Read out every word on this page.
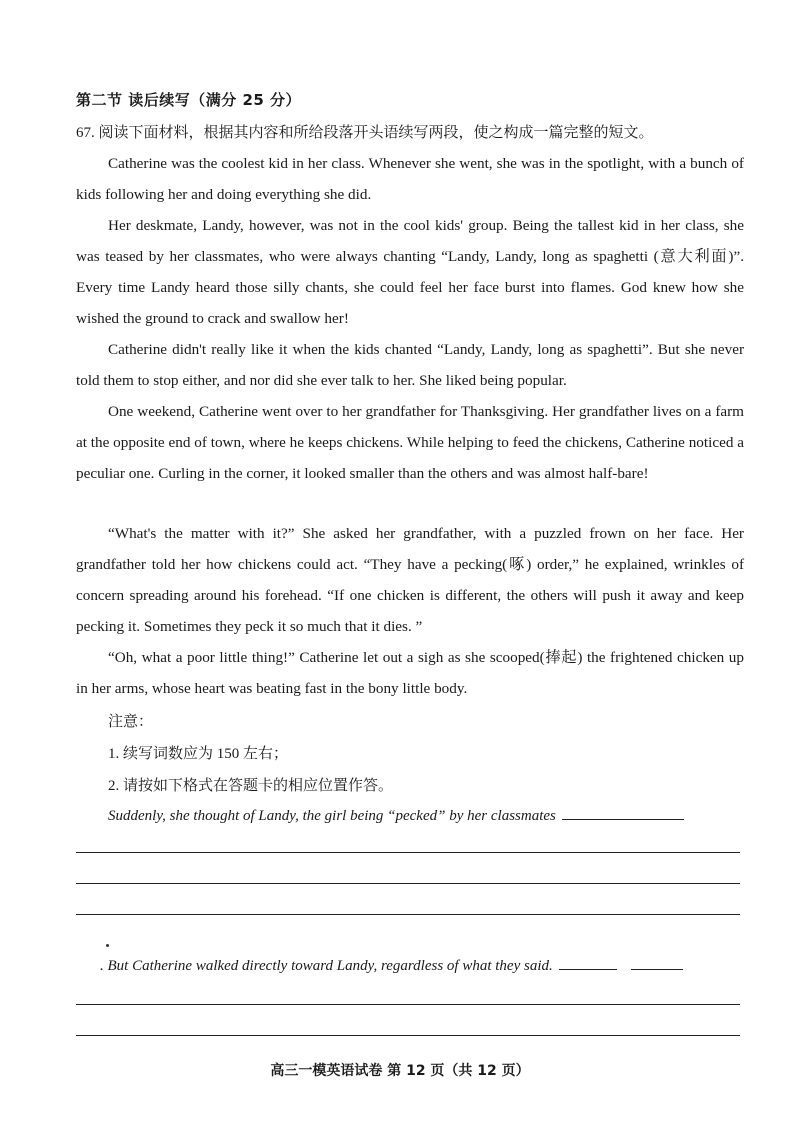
第二节 读后续写（满分 25 分）
67. 阅读下面材料，根据其内容和所给段落开头语续写两段，使之构成一篇完整的短文。

Catherine was the coolest kid in her class. Whenever she went, she was in the spotlight, with a bunch of kids following her and doing everything she did.

Her deskmate, Landy, however, was not in the cool kids' group. Being the tallest kid in her class, she was teased by her classmates, who were always chanting “Landy, Landy, long as spaghetti (意大利面)”. Every time Landy heard those silly chants, she could feel her face burst into flames. God knew how she wished the ground to crack and swallow her!

Catherine didn't really like it when the kids chanted “Landy, Landy, long as spaghetti”. But she never told them to stop either, and nor did she ever talk to her. She liked being popular.

One weekend, Catherine went over to her grandfather for Thanksgiving. Her grandfather lives on a farm at the opposite end of town, where he keeps chickens. While helping to feed the chickens, Catherine noticed a peculiar one. Curling in the corner, it looked smaller than the others and was almost half-bare!

“What's the matter with it?” She asked her grandfather, with a puzzled frown on her face. Her grandfather told her how chickens could act. “They have a pecking(啄) order,” he explained, wrinkles of concern spreading around his forehead. “If one chicken is different, the others will push it away and keep pecking it. Sometimes they peck it so much that it dies. ”

“Oh, what a poor little thing!” Catherine let out a sigh as she scooped(捧起) the frightened chicken up in her arms, whose heart was beating fast in the bony little body.

注意：
1. 续写词数应为 150 左右；
2. 请按如下格式在答题卡的相应位置作答。
Suddenly, she thought of Landy, the girl being “pecked” by her classmates
. But Catherine walked directly toward Landy, regardless of what they said.
高三一模英语试卷 第 12 页（共 12 页）
